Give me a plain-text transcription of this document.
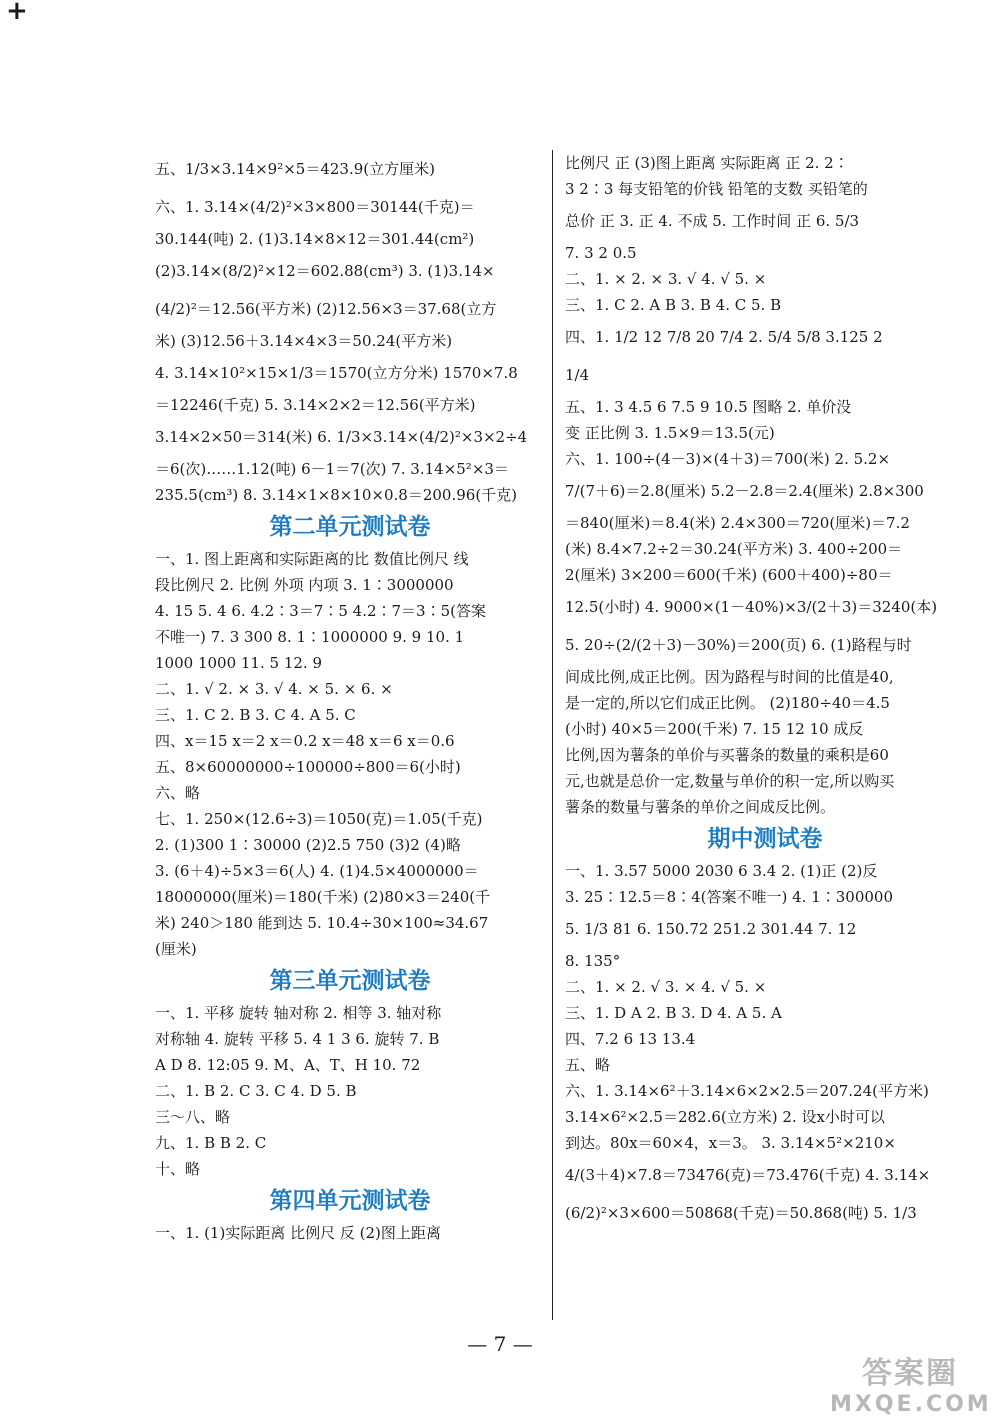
+
五、1/3×3.14×9²×5＝423.9(立方厘米)
六、1. 3.14×(4/2)²×3×800＝30144(千克)＝
30.144(吨) 2. (1)3.14×8×12＝301.44(cm²)
(2)3.14×(8/2)²×12＝602.88(cm³) 3. (1)3.14×
(4/2)²＝12.56(平方米) (2)12.56×3＝37.68(立方
米) (3)12.56＋3.14×4×3＝50.24(平方米)
4. 3.14×10²×15×1/3＝1570(立方分米) 1570×7.8
＝12246(千克) 5. 3.14×2×2＝12.56(平方米)
3.14×2×50＝314(米) 6. 1/3×3.14×(4/2)²×3×2÷4
＝6(次)……1.12(吨) 6－1＝7(次) 7. 3.14×5²×3＝
235.5(cm³) 8. 3.14×1×8×10×0.8＝200.96(千克)
第二单元测试卷
一、1. 图上距离和实际距离的比 数值比例尺 线
段比例尺 2. 比例 外项 内项 3. 1∶3000000
4. 15 5. 4 6. 4.2∶3＝7∶5 4.2∶7＝3∶5(答案
不唯一) 7. 3 300 8. 1∶1000000 9. 9 10. 1
1000 1000 11. 5 12. 9
二、1. √ 2. × 3. √ 4. × 5. × 6. ×
三、1. C 2. B 3. C 4. A 5. C
四、x＝15 x＝2 x＝0.2 x＝48 x＝6 x＝0.6
五、8×60000000÷100000÷800＝6(小时)
六、略
七、1. 250×(12.6÷3)＝1050(克)＝1.05(千克)
2. (1)300 1∶30000 (2)2.5 750 (3)2 (4)略
3. (6＋4)÷5×3＝6(人) 4. (1)4.5×4000000＝
18000000(厘米)＝180(千米) (2)80×3＝240(千
米) 240＞180 能到达 5. 10.4÷30×100≈34.67
(厘米)
第三单元测试卷
一、1. 平移 旋转 轴对称 2. 相等 3. 轴对称
对称轴 4. 旋转 平移 5. 4 1 3 6. 旋转 7. B
A D 8. 12:05 9. M、A、T、H 10. 72
二、1. B 2. C 3. C 4. D 5. B
三～八、略
九、1. B B 2. C
十、略
第四单元测试卷
一、1. (1)实际距离 比例尺 反 (2)图上距离
比例尺 正 (3)图上距离 实际距离 正 2. 2∶
3 2∶3 每支铅笔的价钱 铅笔的支数 买铅笔的
总价 正 3. 正 4. 不成 5. 工作时间 正 6. 5/3
7. 3 2 0.5
二、1. × 2. × 3. √ 4. √ 5. ×
三、1. C 2. A B 3. B 4. C 5. B
四、1. 1/2 12 7/8 20 7/4 2. 5/4 5/8 3.125 2
1/4
五、1. 3 4.5 6 7.5 9 10.5 图略 2. 单价没
变 正比例 3. 1.5×9＝13.5(元)
六、1. 100÷(4－3)×(4＋3)＝700(米) 2. 5.2×
7/(7＋6)＝2.8(厘米) 5.2－2.8＝2.4(厘米) 2.8×300
＝840(厘米)＝8.4(米) 2.4×300＝720(厘米)＝7.2
(米) 8.4×7.2÷2＝30.24(平方米) 3. 400÷200＝
2(厘米) 3×200＝600(千米) (600＋400)÷80＝
12.5(小时) 4. 9000×(1－40%)×3/(2＋3)＝3240(本)
5. 20÷(2/(2＋3)－30%)＝200(页) 6. (1)路程与时
间成比例,成正比例。因为路程与时间的比值是40,
是一定的,所以它们成正比例。 (2)180÷40＝4.5
(小时) 40×5＝200(千米) 7. 15 12 10 成反
比例,因为薯条的单价与买薯条的数量的乘积是60
元,也就是总价一定,数量与单价的积一定,所以购买
薯条的数量与薯条的单价之间成反比例。
期中测试卷
一、1. 3.57 5000 2030 6 3.4 2. (1)正 (2)反
3. 25∶12.5＝8∶4(答案不唯一) 4. 1∶300000
5. 1/3 81 6. 150.72 251.2 301.44 7. 12
8. 135°
二、1. × 2. √ 3. × 4. √ 5. ×
三、1. D A 2. B 3. D 4. A 5. A
四、7.2 6 13 13.4
五、略
六、1. 3.14×6²＋3.14×6×2×2.5＝207.24(平方米)
3.14×6²×2.5＝282.6(立方米) 2. 设x小时可以
到达。80x＝60×4，x＝3。 3. 3.14×5²×210×
4/(3＋4)×7.8＝73476(克)＝73.476(千克) 4. 3.14×
(6/2)²×3×600＝50868(千克)＝50.868(吨) 5. 1/3
— 7 —
答案圈
MXQE.COM
